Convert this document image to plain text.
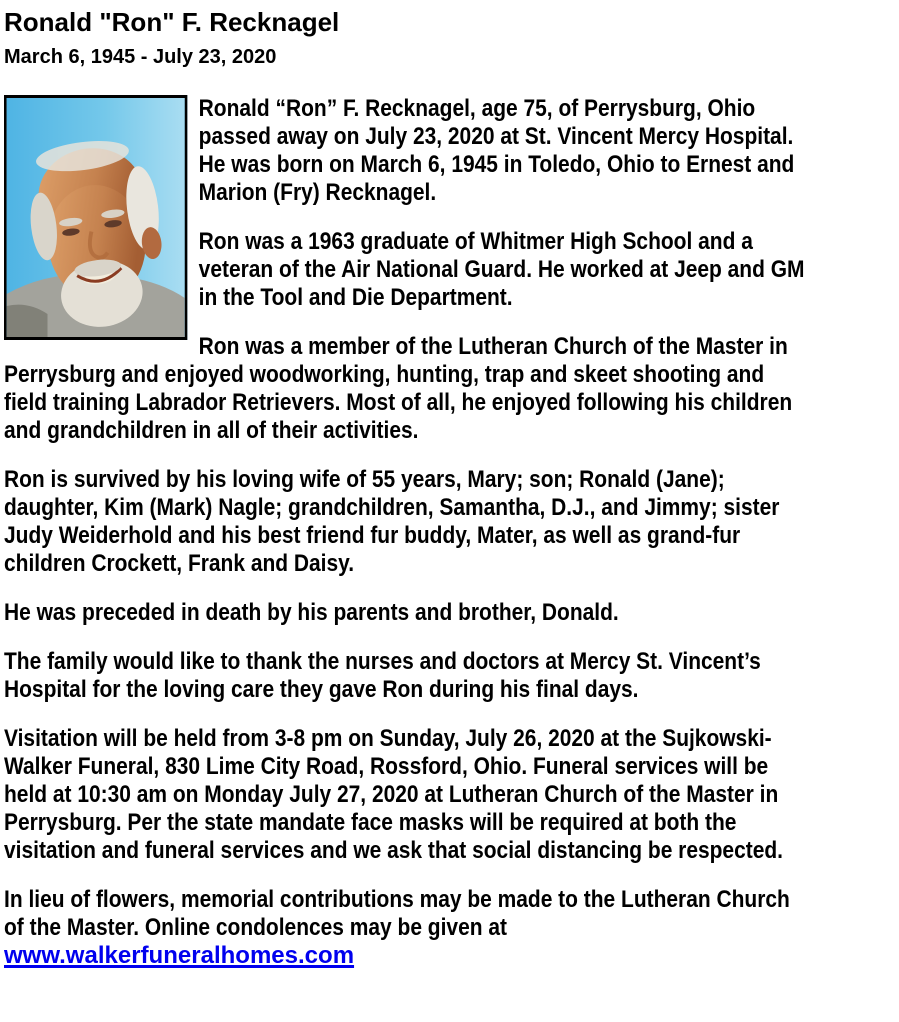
Ronald "Ron" F. Recknagel
March 6, 1945 - July 23, 2020

Ronald “Ron” F. Recknagel, age 75, of Perrysburg, Ohio passed away on July 23, 2020 at St. Vincent Mercy Hospital. He was born on March 6, 1945 in Toledo, Ohio to Ernest and Marion (Fry) Recknagel.

Ron was a 1963 graduate of Whitmer High School and a veteran of the Air National Guard. He worked at Jeep and GM in the Tool and Die Department.

Ron was a member of the Lutheran Church of the Master in Perrysburg and enjoyed woodworking, hunting, trap and skeet shooting and field training Labrador Retrievers. Most of all, he enjoyed following his children and grandchildren in all of their activities.

Ron is survived by his loving wife of 55 years, Mary; son; Ronald (Jane); daughter, Kim (Mark) Nagle; grandchildren, Samantha, D.J., and Jimmy; sister Judy Weiderhold and his best friend fur buddy, Mater, as well as grand-fur children Crockett, Frank and Daisy.

He was preceded in death by his parents and brother, Donald.

The family would like to thank the nurses and doctors at Mercy St. Vincent’s Hospital for the loving care they gave Ron during his final days.

Visitation will be held from 3-8 pm on Sunday, July 26, 2020 at the Sujkowski-Walker Funeral, 830 Lime City Road, Rossford, Ohio. Funeral services will be held at 10:30 am on Monday July 27, 2020 at Lutheran Church of the Master in Perrysburg. Per the state mandate face masks will be required at both the visitation and funeral services and we ask that social distancing be respected.

In lieu of flowers, memorial contributions may be made to the Lutheran Church of the Master. Online condolences may be given at www.walkerfuneralhomes.com
